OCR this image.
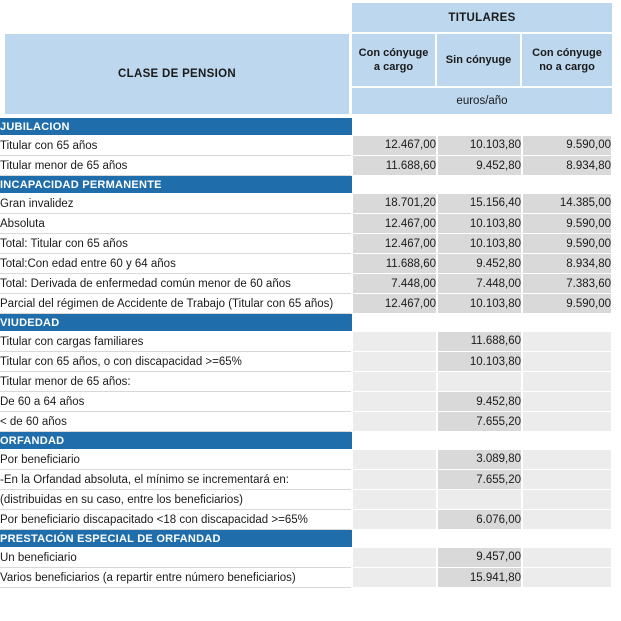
TITULARES
CLASE DE PENSION
Con cónyuge a cargo
Sin cónyuge
Con cónyuge no a cargo
euros/año
JUBILACION				
Titular con 65 años	12.467,00	10.103,80	9.590,00	
Titular menor de 65 años	11.688,60	9.452,80	8.934,80	
INCAPACIDAD PERMANENTE				
Gran invalidez	18.701,20	15.156,40	14.385,00	
Absoluta	12.467,00	10.103,80	9.590,00	
Total: Titular con 65 años	12.467,00	10.103,80	9.590,00	
Total:Con edad entre 60 y 64 años	11.688,60	9.452,80	8.934,80	
Total: Derivada de enfermedad común menor de 60 años	7.448,00	7.448,00	7.383,60	
Parcial del régimen de Accidente de Trabajo (Titular con 65 años)	12.467,00	10.103,80	9.590,00	
VIUDEDAD				
Titular con cargas familiares		11.688,60		
Titular con 65 años, o con discapacidad >=65%		10.103,80		
Titular menor de 65 años:				
De 60 a 64 años		9.452,80		
< de 60 años		7.655,20		
ORFANDAD				
Por beneficiario		3.089,80		
-En la Orfandad absoluta, el mínimo se incrementará en:		7.655,20		
(distribuidas en su caso, entre los beneficiarios)				
Por beneficiario discapacitado <18 con discapacidad >=65%		6.076,00		
PRESTACIÓN ESPECIAL DE ORFANDAD				
Un beneficiario		9.457,00		
Varios beneficiarios (a repartir entre número beneficiarios)		15.941,80		
